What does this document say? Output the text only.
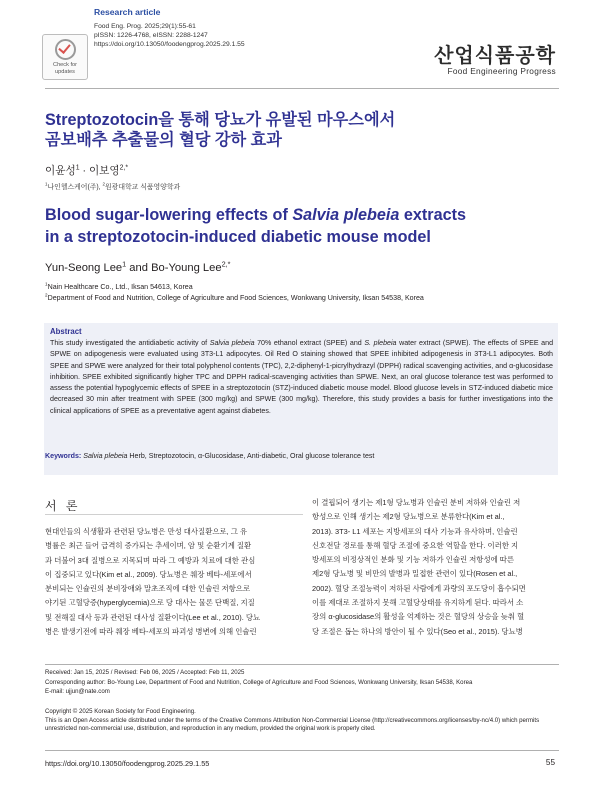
Check for
updates
Research article
Food Eng. Prog. 2025;29(1):55-61
pISSN: 1226-4768, eISSN: 2288-1247
https://doi.org/10.13050/foodengprog.2025.29.1.55
산업식품공학
Food Engineering Progress
Streptozotocin을 통해 당뇨가 유발된 마우스에서
곰보배추 추출물의 혈당 강하 효과
이윤성$^1$ · 이보영$^{2,*}$
$^1$나인헬스케어(주), $^2$원광대학교 식품영양학과
Blood sugar-lowering effects of Salvia plebeia extracts
in a streptozotocin-induced diabetic mouse model
Yun-Seong Lee$^1$ and Bo-Young Lee$^{2,*}$
$^1$Nain Healthcare Co., Ltd., Iksan 54613, Korea
$^2$Department of Food and Nutrition, College of Agriculture and Food Sciences, Wonkwang University, Iksan 54538, Korea
Abstract
This study investigated the antidiabetic activity of Salvia plebeia 70% ethanol extract (SPEE) and S. plebeia water extract (SPWE). The effects of SPEE and SPWE on adipogenesis were evaluated using 3T3-L1 adipocytes. Oil Red O staining showed that SPEE inhibited adipogenesis in 3T3-L1 adipocytes. Both SPEE and SPWE were analyzed for their total polyphenol contents (TPC), 2,2-diphenyl-1-picrylhydrazyl (DPPH) radical scavenging activities, and α-glucosidase inhibition. SPEE exhibited significantly higher TPC and DPPH radical-scavenging activities than SPWE. Next, an oral glucose tolerance test was performed to assess the potential hypoglycemic effects of SPEE in a streptozotocin (STZ)-induced diabetic mouse model. Blood glucose levels in STZ-induced diabetic mice decreased 30 min after treatment with SPEE (300 mg/kg) and SPWE (300 mg/kg). Therefore, this study provides a basis for further investigations into the clinical applications of SPEE as a preventative agent against diabetes.
Keywords: Salvia plebeia Herb, Streptozotocin, α-Glucosidase, Anti-diabetic, Oral glucose tolerance test
서 론
현대인들의 식생활과 관련된 당뇨병은 만성 대사질환으로, 그 유
병률은 최근 들어 급격히 증가되는 추세이며, 암 및 순환기계 질환
과 더불어 3대 질병으로 지목되며 따라 그 예방과 치료에 대한 관심
이 집중되고 있다(Kim et al., 2009). 당뇨병은 췌장 베타-세포에서
분비되는 인슐린의 분비장애와 말초조직에 대한 인슐린 저항으로
야기된 고혈당증(hyperglycemia)으로 당 대사는 물론 단백질, 지질
및 전해질 대사 등과 관련된 대사성 질환이다(Lee et al., 2010). 당뇨
병은 발생기전에 따라 췌장 베타-세포의 파괴성 병변에 의해 인슐린
이 결핍되어 생기는 제1형 당뇨병과 인슐린 분비 저하와 인슐린 저
항성으로 인해 생기는 제2형 당뇨병으로 분류한다(Kim et al.,
2013). 3T3- L1 세포는 지방세포의 대사 기능과 유사하며, 인슐린
신호전달 경로를 통해 혈당 조절에 중요한 역할을 한다. 이러한 지
방세포의 비정상적인 분화 및 기능 저하가 인슐린 저항성에 따른
제2형 당뇨병 및 비만의 발병과 밀접한 관련이 있다(Rosen et al.,
2002). 혈당 조절능력이 저하된 사람에게 과량의 포도당이 흡수되면
이를 제대로 조절하지 못해 고혈당상태를 유지하게 된다. 따라서 소
장의 α-glucosidase의 활성을 억제하는 것은 혈당의 상승을 늦춰 혈
당 조절은 돕는 하나의 방안이 될 수 있다(Seo et al., 2015). 당뇨병
Received: Jan 15, 2025 / Revised: Feb 06, 2025 / Accepted: Feb 11, 2025
Corresponding author: Bo-Young Lee, Department of Food and Nutrition, College of Agriculture and Food Sciences, Wonkwang University, Iksan 54538, Korea
E-mail: ujjun@nate.com
Copyright © 2025 Korean Society for Food Engineering.
This is an Open Access article distributed under the terms of the Creative Commons Attribution Non-Commercial License (http://creativecommons.org/licenses/by-nc/4.0) which permits unrestricted non-commercial use, distribution, and reproduction in any medium, provided the original work is properly cited.
https://doi.org/10.13050/foodengprog.2025.29.1.55	55
